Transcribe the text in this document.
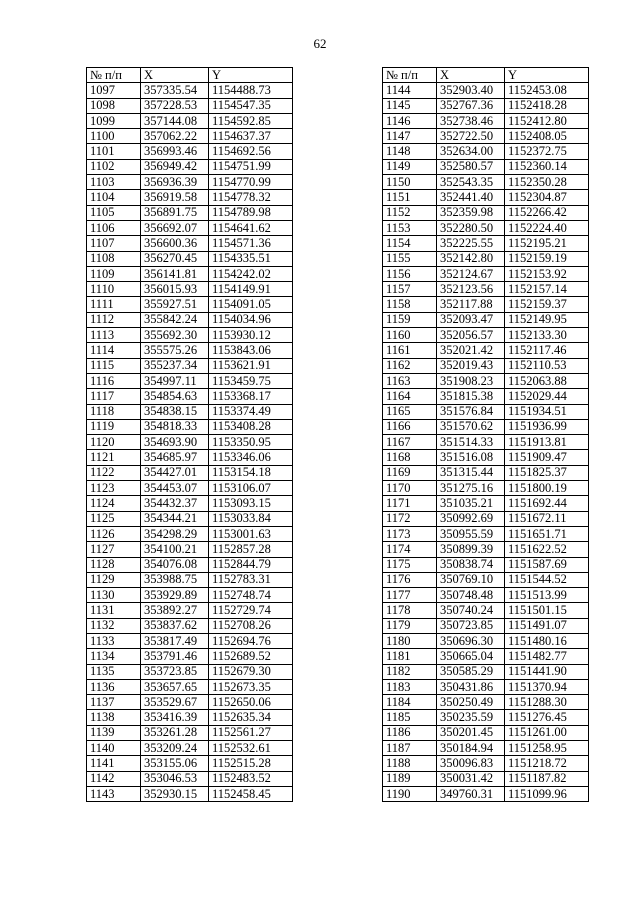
62
№ п/п	X	Y
1097	357335.54	1154488.73
1098	357228.53	1154547.35
1099	357144.08	1154592.85
1100	357062.22	1154637.37
1101	356993.46	1154692.56
1102	356949.42	1154751.99
1103	356936.39	1154770.99
1104	356919.58	1154778.32
1105	356891.75	1154789.98
1106	356692.07	1154641.62
1107	356600.36	1154571.36
1108	356270.45	1154335.51
1109	356141.81	1154242.02
1110	356015.93	1154149.91
1111	355927.51	1154091.05
1112	355842.24	1154034.96
1113	355692.30	1153930.12
1114	355575.26	1153843.06
1115	355237.34	1153621.91
1116	354997.11	1153459.75
1117	354854.63	1153368.17
1118	354838.15	1153374.49
1119	354818.33	1153408.28
1120	354693.90	1153350.95
1121	354685.97	1153346.06
1122	354427.01	1153154.18
1123	354453.07	1153106.07
1124	354432.37	1153093.15
1125	354344.21	1153033.84
1126	354298.29	1153001.63
1127	354100.21	1152857.28
1128	354076.08	1152844.79
1129	353988.75	1152783.31
1130	353929.89	1152748.74
1131	353892.27	1152729.74
1132	353837.62	1152708.26
1133	353817.49	1152694.76
1134	353791.46	1152689.52
1135	353723.85	1152679.30
1136	353657.65	1152673.35
1137	353529.67	1152650.06
1138	353416.39	1152635.34
1139	353261.28	1152561.27
1140	353209.24	1152532.61
1141	353155.06	1152515.28
1142	353046.53	1152483.52
1143	352930.15	1152458.45
№ п/п	X	Y
1144	352903.40	1152453.08
1145	352767.36	1152418.28
1146	352738.46	1152412.80
1147	352722.50	1152408.05
1148	352634.00	1152372.75
1149	352580.57	1152360.14
1150	352543.35	1152350.28
1151	352441.40	1152304.87
1152	352359.98	1152266.42
1153	352280.50	1152224.40
1154	352225.55	1152195.21
1155	352142.80	1152159.19
1156	352124.67	1152153.92
1157	352123.56	1152157.14
1158	352117.88	1152159.37
1159	352093.47	1152149.95
1160	352056.57	1152133.30
1161	352021.42	1152117.46
1162	352019.43	1152110.53
1163	351908.23	1152063.88
1164	351815.38	1152029.44
1165	351576.84	1151934.51
1166	351570.62	1151936.99
1167	351514.33	1151913.81
1168	351516.08	1151909.47
1169	351315.44	1151825.37
1170	351275.16	1151800.19
1171	351035.21	1151692.44
1172	350992.69	1151672.11
1173	350955.59	1151651.71
1174	350899.39	1151622.52
1175	350838.74	1151587.69
1176	350769.10	1151544.52
1177	350748.48	1151513.99
1178	350740.24	1151501.15
1179	350723.85	1151491.07
1180	350696.30	1151480.16
1181	350665.04	1151482.77
1182	350585.29	1151441.90
1183	350431.86	1151370.94
1184	350250.49	1151288.30
1185	350235.59	1151276.45
1186	350201.45	1151261.00
1187	350184.94	1151258.95
1188	350096.83	1151218.72
1189	350031.42	1151187.82
1190	349760.31	1151099.96
